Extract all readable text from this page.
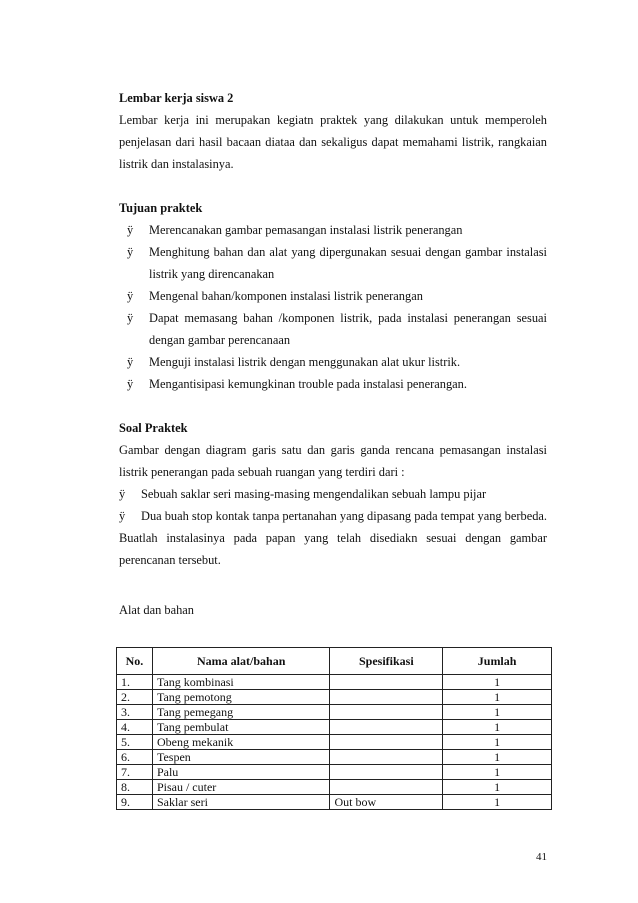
Lembar kerja siswa 2

Lembar kerja ini merupakan kegiatn praktek yang dilakukan untuk memperoleh penjelasan dari hasil bacaan diataa dan sekaligus dapat memahami listrik, rangkaian listrik dan instalasinya.

Tujuan praktek

ÿ Merencanakan gambar pemasangan instalasi listrik penerangan
ÿ Menghitung bahan dan alat yang dipergunakan sesuai dengan gambar instalasi listrik yang direncanakan
ÿ Mengenal bahan/komponen instalasi listrik penerangan
ÿ Dapat memasang bahan /komponen listrik, pada instalasi penerangan sesuai dengan gambar perencanaan
ÿ Menguji instalasi listrik dengan menggunakan alat ukur listrik.
ÿ Mengantisipasi kemungkinan trouble pada instalasi penerangan.

Soal Praktek

Gambar dengan diagram garis satu dan garis ganda rencana pemasangan instalasi listrik penerangan pada sebuah ruangan yang terdiri dari :

ÿ Sebuah saklar seri masing-masing mengendalikan sebuah lampu pijar
ÿ Dua buah stop kontak tanpa pertanahan yang dipasang pada tempat yang berbeda.

Buatlah instalasinya pada papan yang telah disediakn sesuai dengan gambar perencanan tersebut.

Alat dan bahan
No.	Nama alat/bahan	Spesifikasi	Jumlah
1.	Tang kombinasi		1
2.	Tang pemotong		1
3.	Tang pemegang		1
4.	Tang pembulat		1
5.	Obeng mekanik		1
6.	Tespen		1
7.	Palu		1
8.	Pisau / cuter		1
9.	Saklar seri	Out bow	1
41
